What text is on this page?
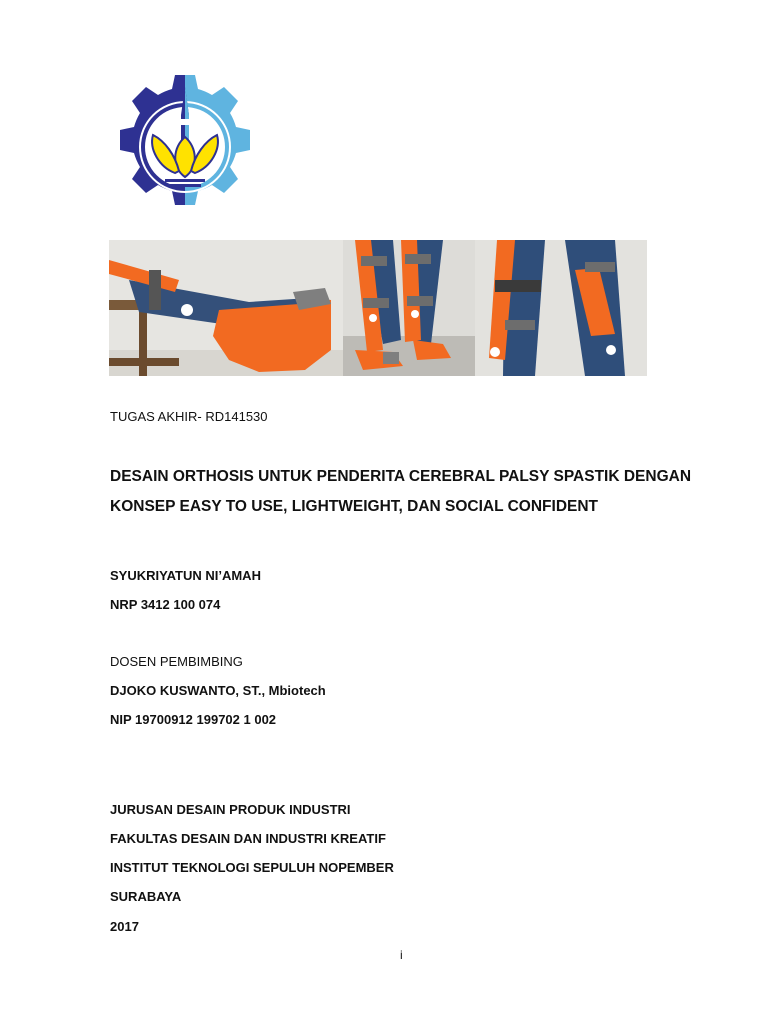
TUGAS AKHIR- RD141530

DESAIN ORTHOSIS UNTUK PENDERITA CEREBRAL PALSY SPASTIK DENGAN

KONSEP EASY TO USE, LIGHTWEIGHT, DAN SOCIAL CONFIDENT

SYUKRIYATUN NI’AMAH

NRP 3412 100 074

DOSEN PEMBIMBING

DJOKO KUSWANTO, ST., Mbiotech

NIP 19700912 199702 1 002

JURUSAN DESAIN PRODUK INDUSTRI

FAKULTAS DESAIN DAN INDUSTRI KREATIF

INSTITUT TEKNOLOGI SEPULUH NOPEMBER

SURABAYA

2017

i
